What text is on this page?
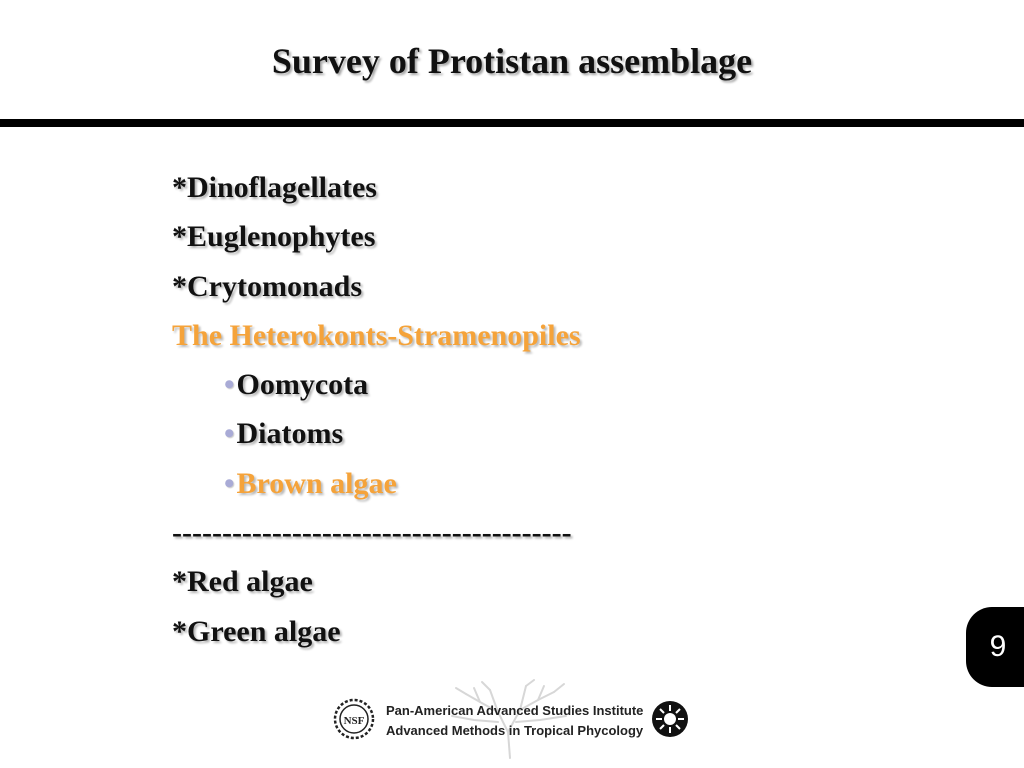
Survey of Protistan assemblage
*Dinoflagellates
*Euglenophytes
*Crytomonads
The Heterokonts-Stramenopiles
•Oomycota
•Diatoms
•Brown algae
----------------------------------------
*Red algae
*Green algae	9
NSF
Pan-American Advanced Studies Institute
Advanced Methods in Tropical Phycology
